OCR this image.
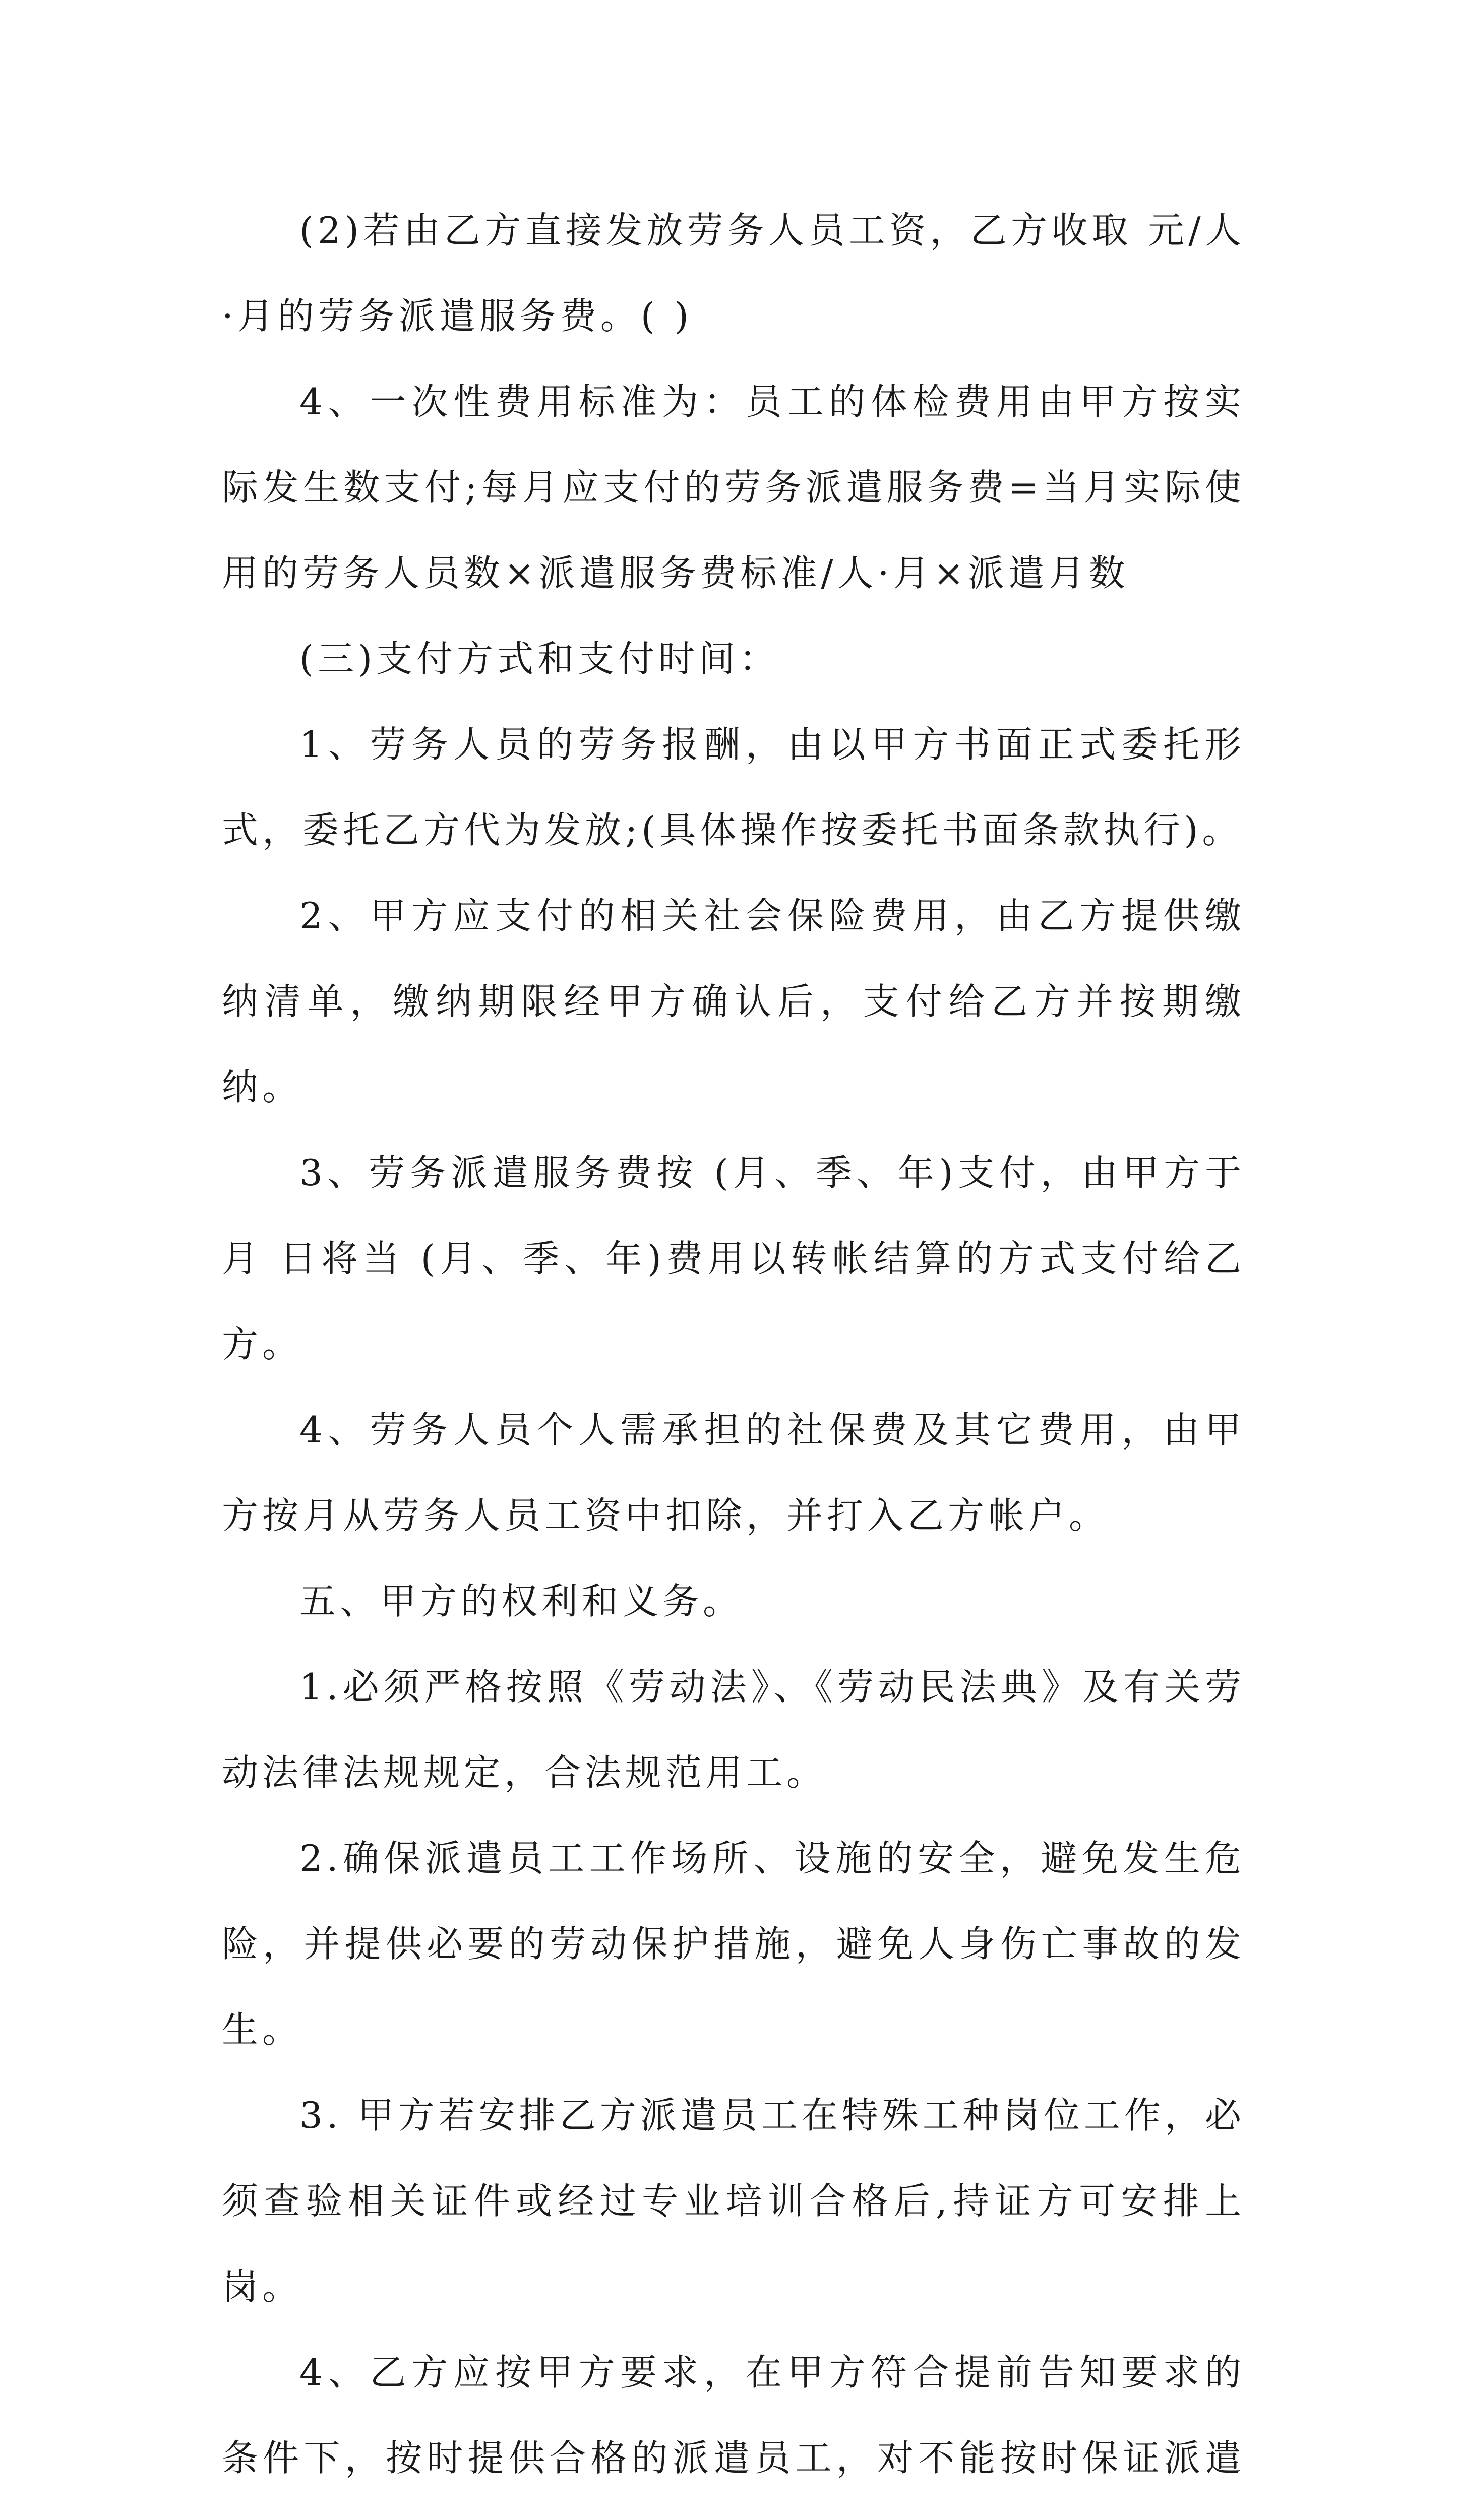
(2)若由乙方直接发放劳务人员工资，乙方收取 元/人·月的劳务派遣服务费。( )

4、一次性费用标准为：员工的体检费用由甲方按实际发生数支付;每月应支付的劳务派遣服务费=当月实际使用的劳务人员数×派遣服务费标准/人·月×派遣月数

(三)支付方式和支付时间：

1、劳务人员的劳务报酬，由以甲方书面正式委托形式，委托乙方代为发放;(具体操作按委托书面条款执行)。

2、甲方应支付的相关社会保险费用，由乙方提供缴纳清单，缴纳期限经甲方确认后，支付给乙方并按期缴纳。

3、劳务派遣服务费按 (月、季、年)支付，由甲方于 月 日将当 (月、季、年)费用以转帐结算的方式支付给乙方。

4、劳务人员个人需承担的社保费及其它费用，由甲方按月从劳务人员工资中扣除，并打入乙方帐户。

五、甲方的权利和义务。

1.必须严格按照《劳动法》、《劳动民法典》及有关劳动法律法规规定，合法规范用工。

2.确保派遣员工工作场所、设施的安全，避免发生危险，并提供必要的劳动保护措施，避免人身伤亡事故的发生。

3. 甲方若安排乙方派遣员工在特殊工种岗位工作，必须查验相关证件或经过专业培训合格后,持证方可安排上岗。

4、乙方应按甲方要求，在甲方符合提前告知要求的条件下，按时提供合格的派遣员工，对不能按时保证派遣
